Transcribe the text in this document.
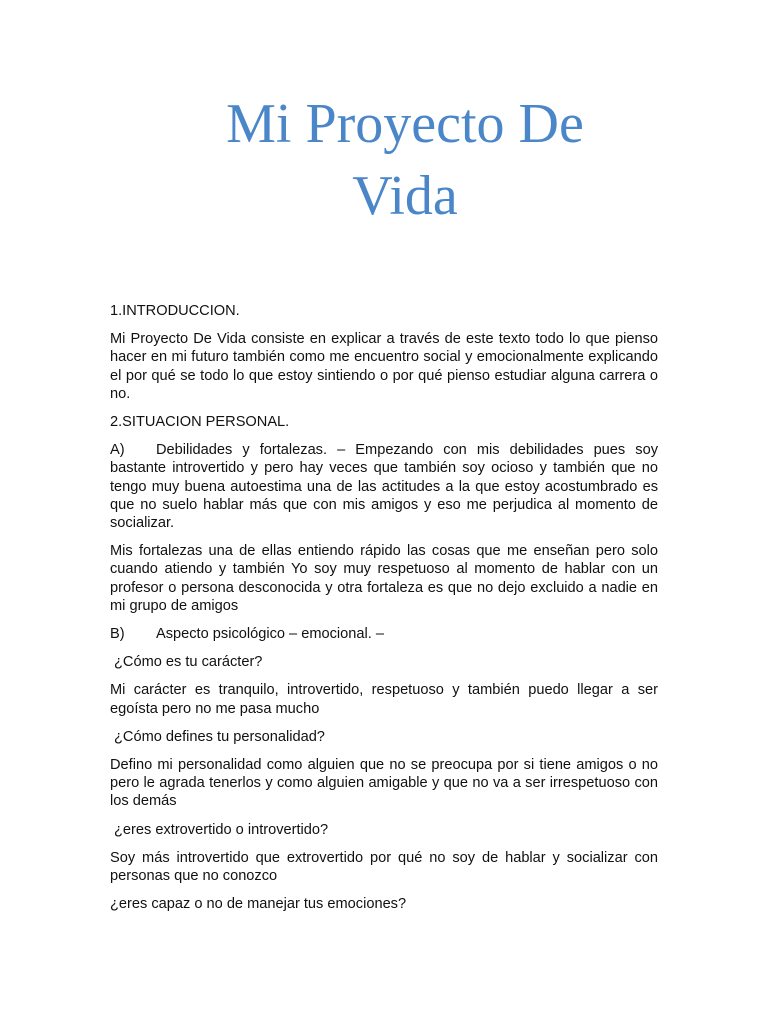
Mi Proyecto De
Vida

1.INTRODUCCION.

Mi Proyecto De Vida consiste en explicar a través de este texto todo lo que pienso hacer en mi futuro también como me encuentro social y emocionalmente explicando el por qué se todo lo que estoy sintiendo o por qué pienso estudiar alguna carrera o no.

2.SITUACION PERSONAL.

A) Debilidades y fortalezas. – Empezando con mis debilidades pues soy bastante introvertido y pero hay veces que también soy ocioso y también que no tengo muy buena autoestima una de las actitudes a la que estoy acostumbrado es que no suelo hablar más que con mis amigos y eso me perjudica al momento de socializar.

Mis fortalezas una de ellas entiendo rápido las cosas que me enseñan pero solo cuando atiendo y también Yo soy muy respetuoso al momento de hablar con un profesor o persona desconocida y otra fortaleza es que no dejo excluido a nadie en mi grupo de amigos

B) Aspecto psicológico – emocional. –

¿Cómo es tu carácter?

Mi carácter es tranquilo, introvertido, respetuoso y también puedo llegar a ser egoísta pero no me pasa mucho

¿Cómo defines tu personalidad?

Defino mi personalidad como alguien que no se preocupa por si tiene amigos o no pero le agrada tenerlos y como alguien amigable y que no va a ser irrespetuoso con los demás

¿eres extrovertido o introvertido?

Soy más introvertido que extrovertido por qué no soy de hablar y socializar con personas que no conozco

¿eres capaz o no de manejar tus emociones?
